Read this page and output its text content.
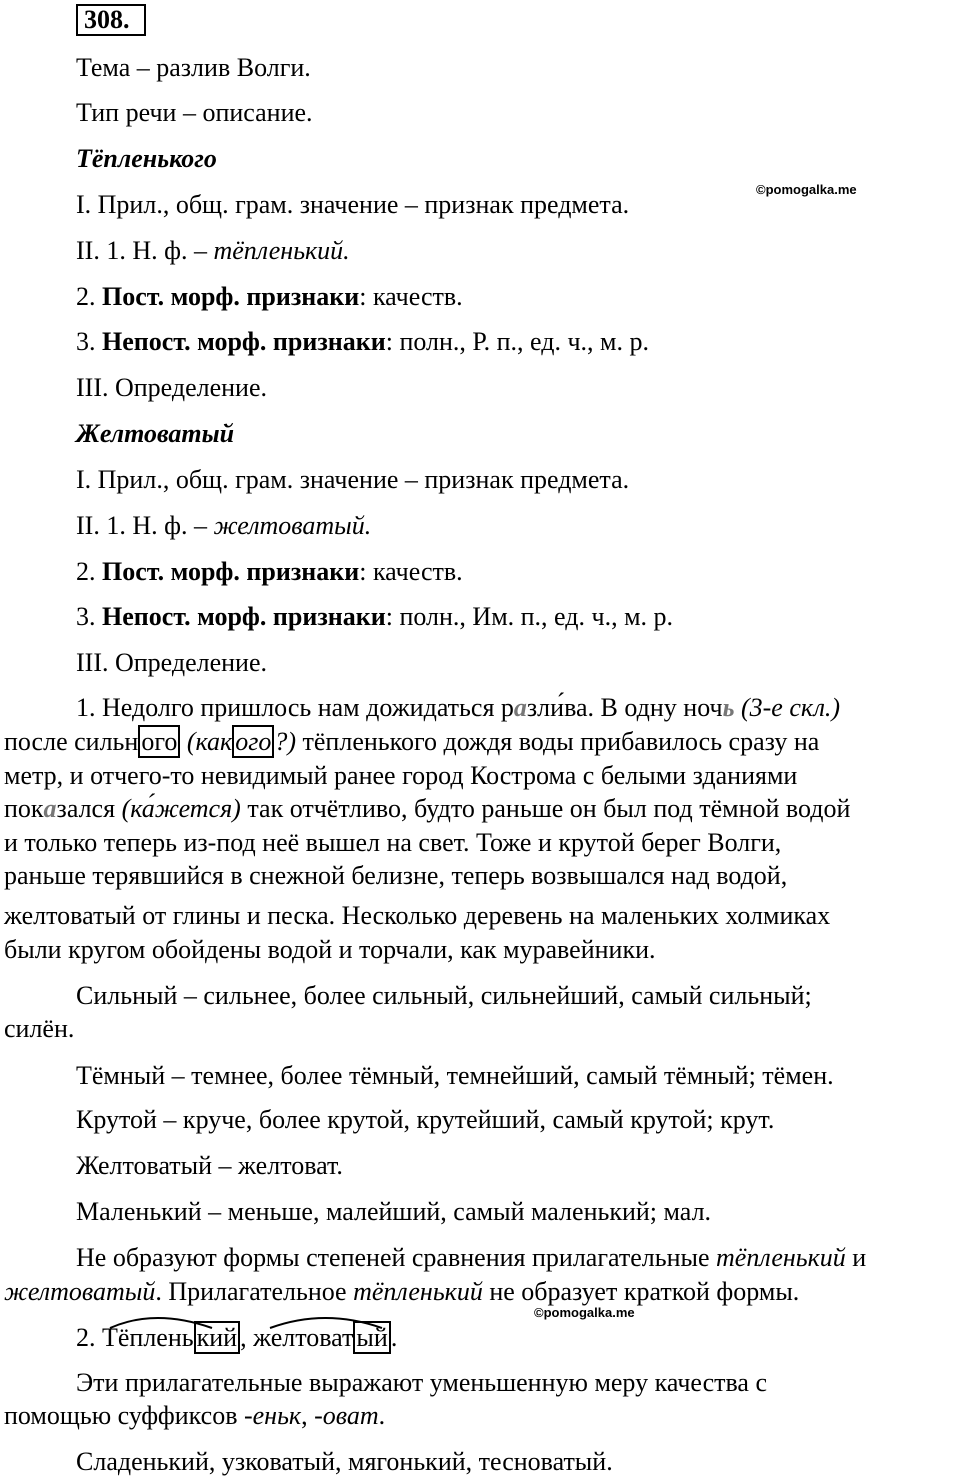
308.
©pomogalka.me
Тема – разлив Волги.
Тип речи – описание.
Тёпленького
I. Прил., общ. грам. значение – признак предмета.
II. 1. Н. ф. – тёпленький.
2. Пост. морф. признаки: качеств.
3. Непост. морф. признаки: полн., Р. п., ед. ч., м. р.
III. Определение.
Желтоватый
I. Прил., общ. грам. значение – признак предмета.
II. 1. Н. ф. – желтоватый.
2. Пост. морф. признаки: качеств.
3. Непост. морф. признаки: полн., Им. п., ед. ч., м. р.
III. Определение.
1. Недолго пришлось нам дожидаться разли́ва. В одну ночь (3-е скл.)
после сильн ого (как ого ?) тёпленького дождя воды прибавилось сразу на
метр, и отчего-то невидимый ранее город Кострома с белыми зданиями
показался (ка́жется) так отчётливо, будто раньше он был под тёмной водой
и только теперь из-под неё вышел на свет. Тоже и крутой берег Волги,
раньше терявшийся в снежной белизне, теперь возвышался над водой,
желтоватый от глины и песка. Несколько деревень на маленьких холмиках
были кругом обойдены водой и торчали, как муравейники.
Сильный – сильнее, более сильный, сильнейший, самый сильный;
силён.
Тёмный – темнее, более тёмный, темнейший, самый тёмный; тёмен.
Крутой – круче, более крутой, крутейший, самый крутой; крут.
Желтоватый – желтоват.
Маленький – меньше, малейший, самый маленький; мал.
Не образуют формы степеней сравнения прилагательные тёпленький и
желтоватый. Прилагательное тёпленький не образует краткой формы.
©pomogalka.me
2. Тёплень кий , желтоват ый .
Эти прилагательные выражают уменьшенную меру качества с
помощью суффиксов -еньк, -оват.
Сладенький, узковатый, мягонький, тесноватый.
